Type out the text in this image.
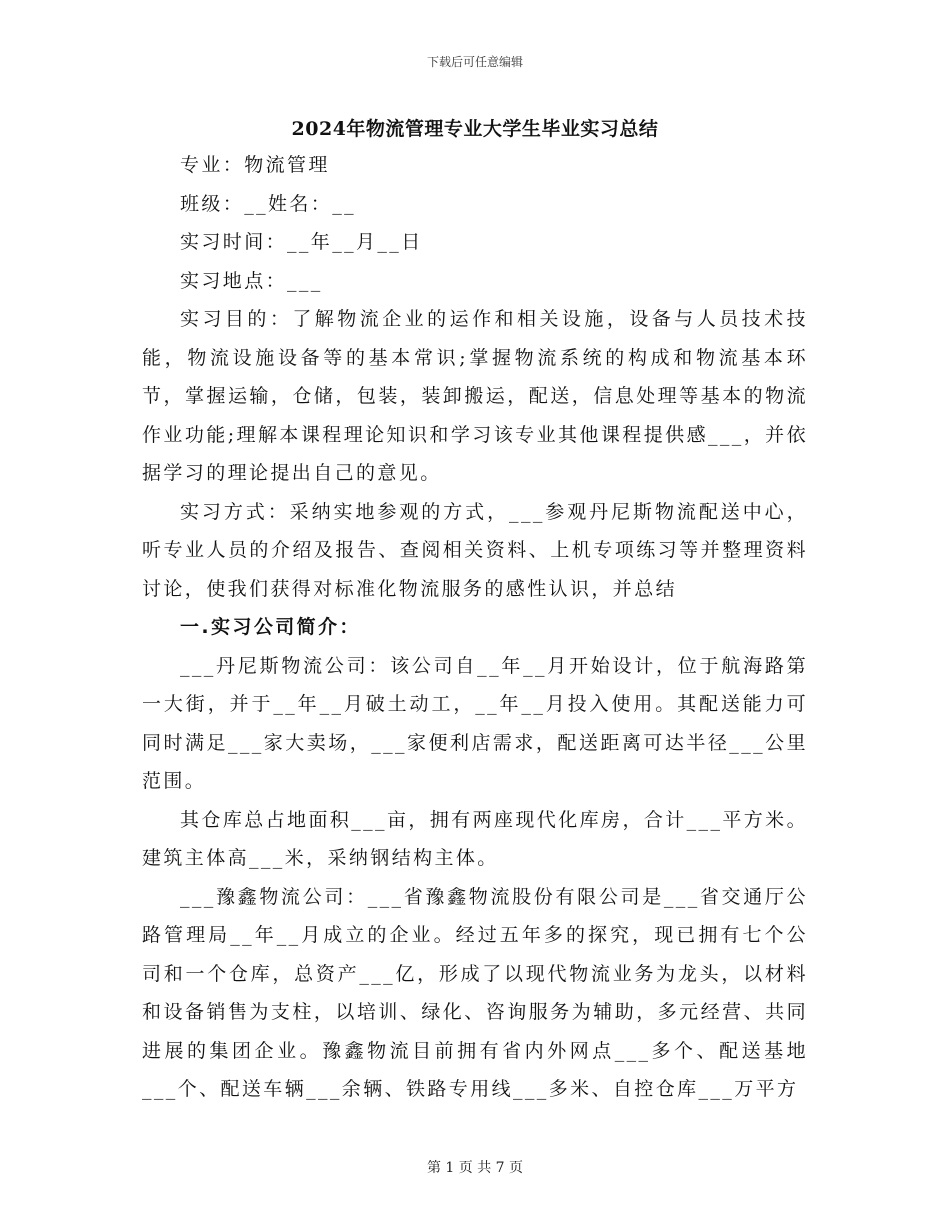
下载后可任意编辑
2024年物流管理专业大学生毕业实习总结

专业：物流管理

班级：__姓名：__

实习时间：__年__月__日

实习地点：___

实习目的：了解物流企业的运作和相关设施，设备与人员技术技能，物流设施设备等的基本常识;掌握物流系统的构成和物流基本环节，掌握运输，仓储，包装，装卸搬运，配送，信息处理等基本的物流作业功能;理解本课程理论知识和学习该专业其他课程提供感___，并依据学习的理论提出自己的意见。

实习方式：采纳实地参观的方式，___参观丹尼斯物流配送中心，听专业人员的介绍及报告、查阅相关资料、上机专项练习等并整理资料讨论，使我们获得对标准化物流服务的感性认识，并总结

一.实习公司简介：

___丹尼斯物流公司：该公司自__年__月开始设计，位于航海路第一大街，并于__年__月破土动工，__年__月投入使用。其配送能力可同时满足___家大卖场，___家便利店需求，配送距离可达半径___公里范围。

其仓库总占地面积___亩，拥有两座现代化库房，合计___平方米。建筑主体高___米，采纳钢结构主体。

___豫鑫物流公司：___省豫鑫物流股份有限公司是___省交通厅公路管理局__年__月成立的企业。经过五年多的探究，现已拥有七个公司和一个仓库，总资产___亿，形成了以现代物流业务为龙头，以材料和设备销售为支柱，以培训、绿化、咨询服务为辅助，多元经营、共同进展的集团企业。豫鑫物流目前拥有省内外网点___多个、配送基地___个、配送车辆___余辆、铁路专用线___多米、自控仓库___万平方

第 1 页 共 7 页
